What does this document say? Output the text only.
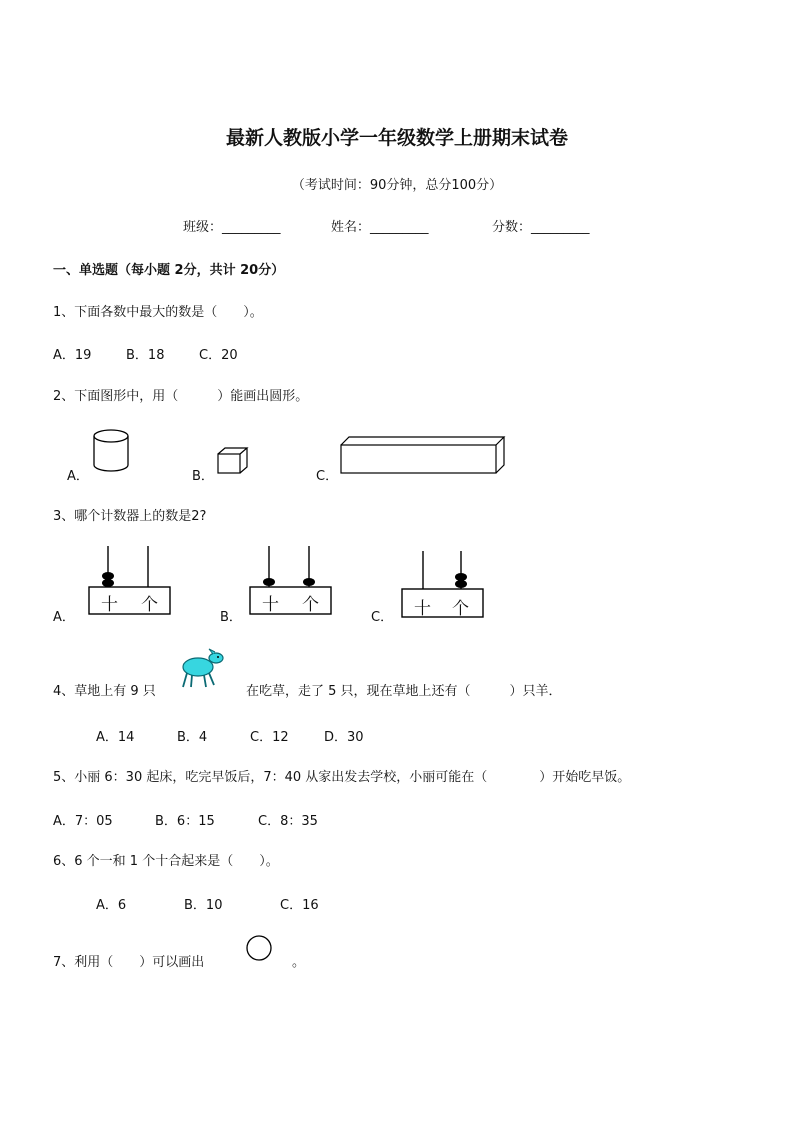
最新人教版小学一年级数学上册期末试卷
（考试时间：90分钟，总分100分）
班级：_________	姓名：_________	分数：_________
一、单选题（每小题 2分，共计 20分）
1、下面各数中最大的数是（　　）。
A．19	B．18	C．20
2、下面图形中，用（　　　）能画出圆形。
A．	B．	C．
3、哪个计数器上的数是2?
A．
十 个
B．
十 个
C． 十 个
4、草地上有 9 只	在吃草，走了 5 只，现在草地上还有（　　　）只羊．
A．14	B．4	C．12	D．30
5、小丽 6：30 起床，吃完早饭后，7：40 从家出发去学校，小丽可能在（　　　　）开始吃早饭。
A．7：05	B．6：15	C．8：35
6、6 个一和 1 个十合起来是（　　）。
A．6	B．10	C．16
7、利用（　　）可以画出	。
